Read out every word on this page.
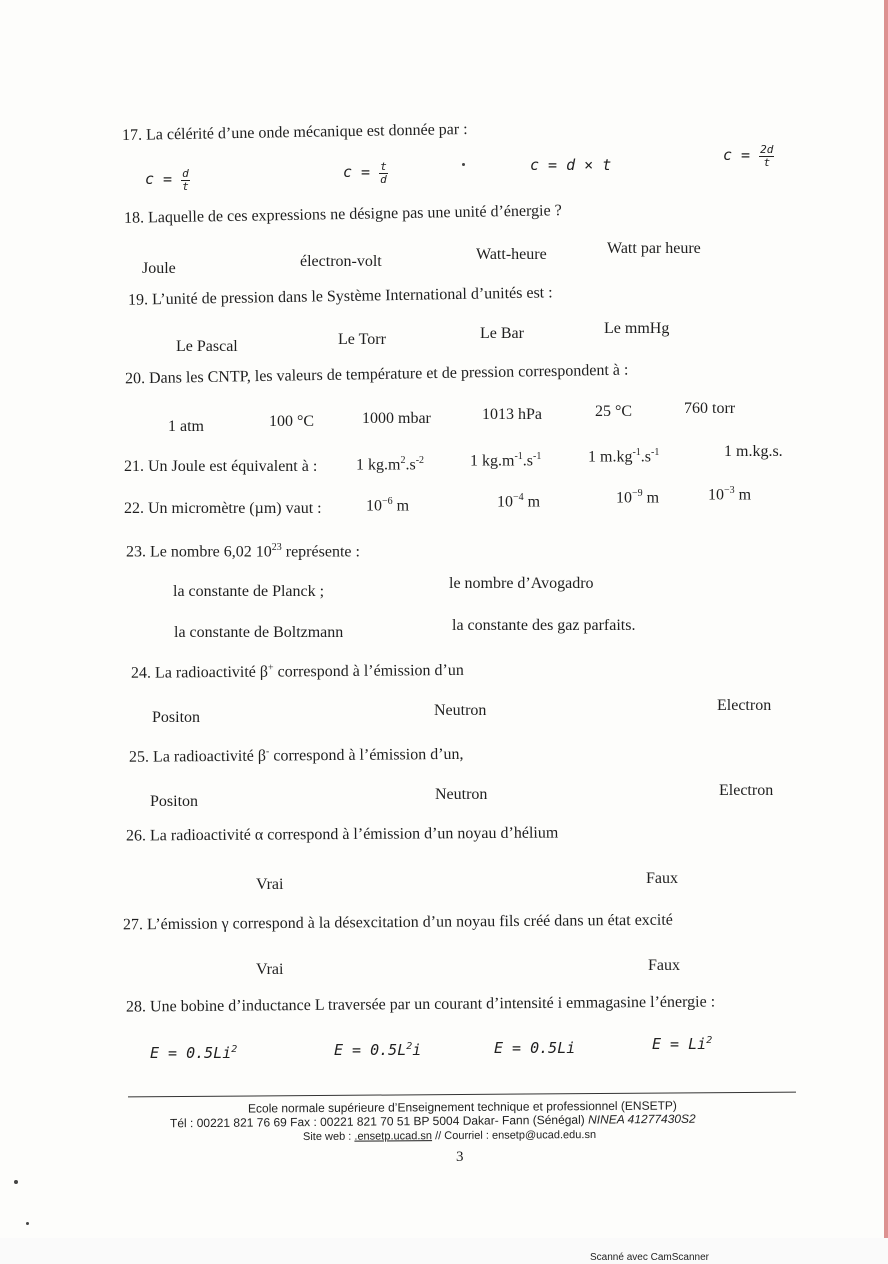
17. La célérité d’une onde mécanique est donnée par :
$c = \frac{d}{t}$	$c = \frac{t}{d}$	c = d × t
$c = \frac{2d}{t}$
18. Laquelle de ces expressions ne désigne pas une unité d’énergie ?
Joule	électron-volt	Watt-heure	Watt par heure
19. L’unité de pression dans le Système International d’unités est :
Le Pascal	Le Torr	Le Bar	Le mmHg
20. Dans les CNTP, les valeurs de température et de pression correspondent à :
1 atm	100 °C	1000 mbar	1013 hPa	25 °C	760 torr
21. Un Joule est équivalent à : 1 $kg.m^2.s^{-2}$	1 $kg.m^{-1}.s^{-1}$	1 $m.kg^{-1}.s^{-1}$	1 m.kg.s.
22. Un micromètre (µm) vaut :	$10^{-6}$ m	$10^{-4}$ m	$10^{-9}$ m	$10^{-3}$ m
23. Le nombre 6,02 $10^{23}$ représente :
la constante de Planck ;	le nombre d’Avogadro
la constante de Boltzmann	la constante des gaz parfaits.
24. La radioactivité β+ correspond à l’émission d’un
Positon	Neutron	Electron
25. La radioactivité β- correspond à l’émission d’un,
Positon	Neutron	Electron
26. La radioactivité α correspond à l’émission d’un noyau d’hélium
Vrai	Faux
27. L’émission γ correspond à la désexcitation d’un noyau fils créé dans un état excité
Vrai	Faux
28. Une bobine d’inductance L traversée par un courant d’intensité i emmagasine l’énergie :
$E = 0.5Li^2$	$E = 0.5L^2i$	E = 0.5Li	$E = Li^2$
Ecole normale supérieure d’Enseignement technique et professionnel (ENSETP)
Tél : 00221 821 76 69 Fax : 00221 821 70 51 BP 5004 Dakar- Fann (Sénégal) NINEA 41277430S2
Site web : .ensetp.ucad.sn // Courriel : ensetp@ucad.edu.sn
3
Scanné avec CamScanner
